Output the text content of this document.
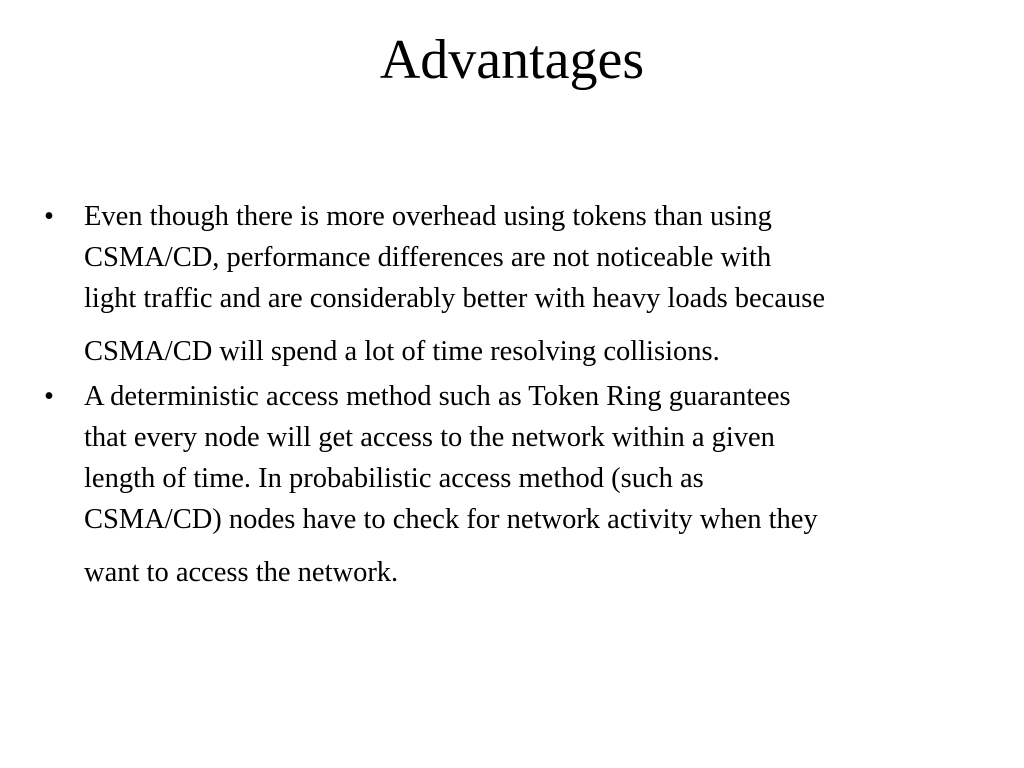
Advantages
•	Even though there is more overhead using tokens than using
CSMA/CD, performance differences are not noticeable with
light traffic and are considerably better with heavy loads because
CSMA/CD will spend a lot of time resolving collisions.
•	A deterministic access method such as Token Ring guarantees
that every node will get access to the network within a given
length of time. In probabilistic access method (such as
CSMA/CD) nodes have to check for network activity when they
want to access the network.
